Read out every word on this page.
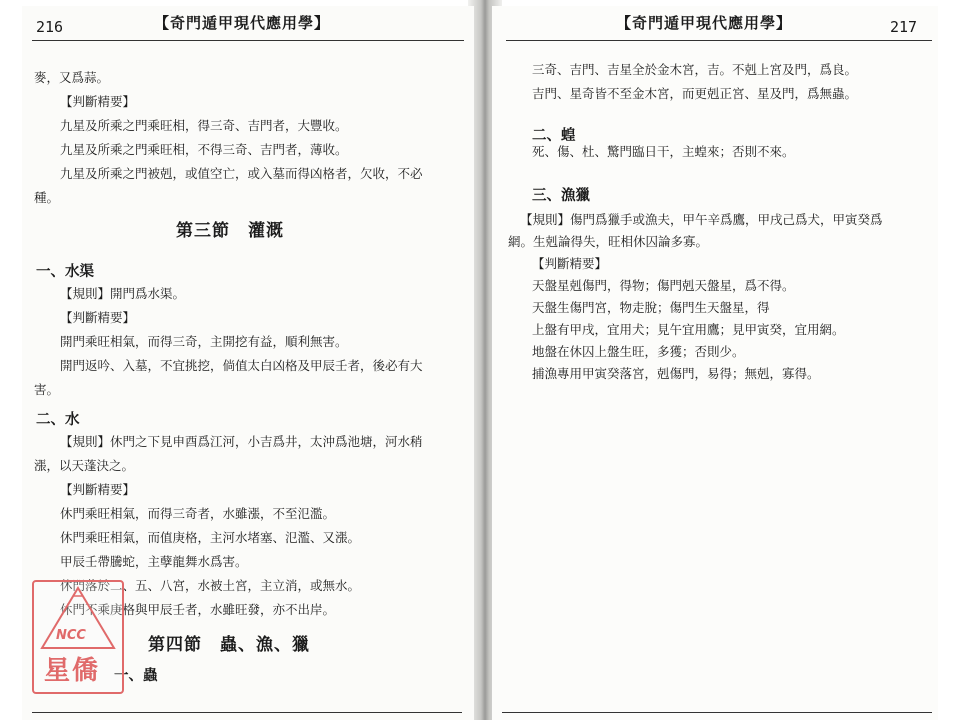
216	【奇門遁甲現代應用學】
麥，又爲蒜。
【判斷精要】
九星及所乘之門乘旺相，得三奇、吉門者，大豐收。
九星及所乘之門乘旺相，不得三奇、吉門者，薄收。
九星及所乘之門被剋，或值空亡，或入墓而得凶格者，欠收，不必
種。
第三節　灌溉
一、水渠
【規則】開門爲水渠。
【判斷精要】
開門乘旺相氣，而得三奇，主開挖有益，順利無害。
開門返吟、入墓，不宜挑挖，倘值太白凶格及甲辰壬者，後必有大
害。
二、水
【規則】休門之下見申酉爲江河，小吉爲井，太沖爲池塘，河水稍
漲，以天蓬決之。
【判斷精要】
休門乘旺相氣，而得三奇者，水雖漲，不至氾濫。
休門乘旺相氣，而值庚格，主河水堵塞、氾濫、又漲。
甲辰壬帶騰蛇，主孽龍舞水爲害。
休門落於二、五、八宮，水被土宮，主立消，或無水。
休門不乘庚格與甲辰壬者，水雖旺發，亦不出岸。
第四節　蟲、漁、獵
一、蟲
【奇門遁甲現代應用學】	217
三奇、吉門、吉星全於金木宮，吉。不剋上宮及門，爲良。
吉門、星奇皆不至金木宮，而更剋正宮、星及門，爲無蟲。
二、蝗
死、傷、杜、驚門臨日干，主蝗來；否則不來。
三、漁獵
【規則】傷門爲獵手或漁夫，甲午辛爲鷹，甲戌己爲犬，甲寅癸爲
網。生剋論得失，旺相休囚論多寡。
【判斷精要】
天盤星剋傷門，得物；傷門剋天盤星，爲不得。
天盤生傷門宮，物走脫；傷門生天盤星，得
上盤有甲戌，宜用犬；見午宜用鷹；見甲寅癸，宜用網。
地盤在休囚上盤生旺，多獲；否則少。
捕漁專用甲寅癸落宮，剋傷門，易得；無剋，寡得。
NCC
星僑
